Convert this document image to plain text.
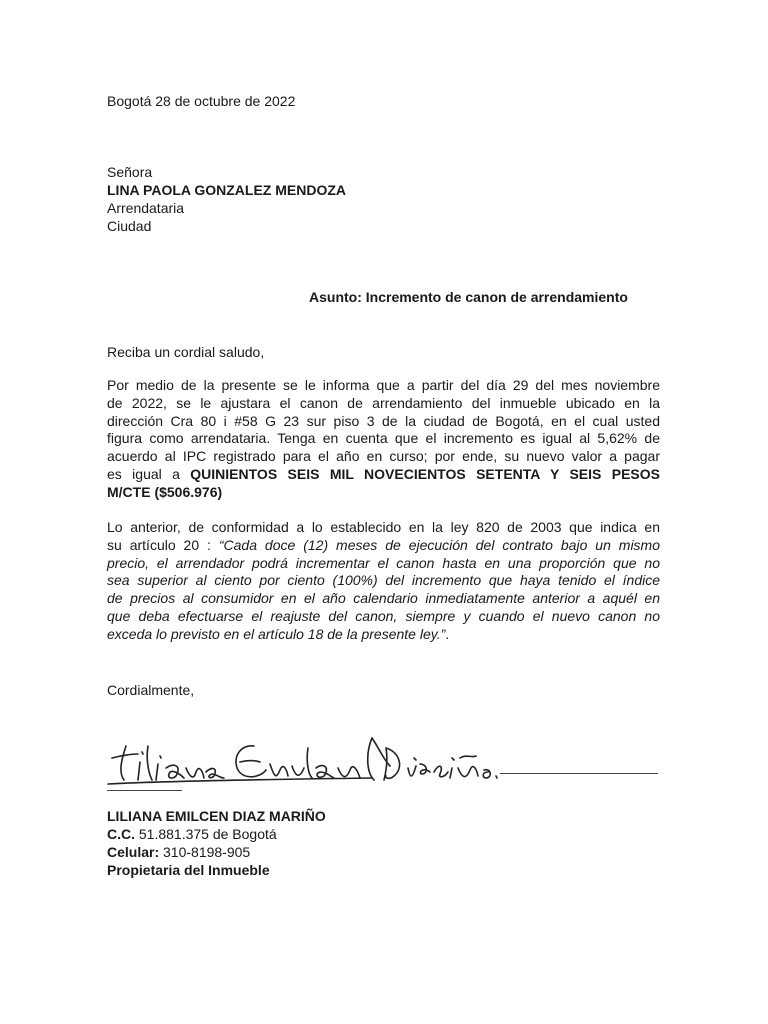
Bogotá 28 de octubre de 2022
Señora
LINA PAOLA GONZALEZ MENDOZA
Arrendataria
Ciudad
Asunto: Incremento de canon de arrendamiento
Reciba un cordial saludo,
Por medio de la presente se le informa que a partir del día 29 del mes noviembre
de 2022, se le ajustara el canon de arrendamiento del inmueble ubicado en la
dirección Cra 80 i #58 G 23 sur piso 3 de la ciudad de Bogotá, en el cual usted
figura como arrendataria. Tenga en cuenta que el incremento es igual al 5,62% de
acuerdo al IPC registrado para el año en curso; por ende, su nuevo valor a pagar
es igual a QUINIENTOS SEIS MIL NOVECIENTOS SETENTA Y SEIS PESOS
M/CTE ($506.976)
Lo anterior, de conformidad a lo establecido en la ley 820 de 2003 que indica en
su artículo 20 : “Cada doce (12) meses de ejecución del contrato bajo un mismo
precio, el arrendador podrá incrementar el canon hasta en una proporción que no
sea superior al ciento por ciento (100%) del incremento que haya tenido el índice
de precios al consumidor en el año calendario inmediatamente anterior a aquél en
que deba efectuarse el reajuste del canon, siempre y cuando el nuevo canon no
exceda lo previsto en el artículo 18 de la presente ley.”.
Cordialmente,
LILIANA EMILCEN DIAZ MARIÑO
C.C. 51.881.375 de Bogotá
Celular: 310-8198-905
Propietaria del Inmueble
